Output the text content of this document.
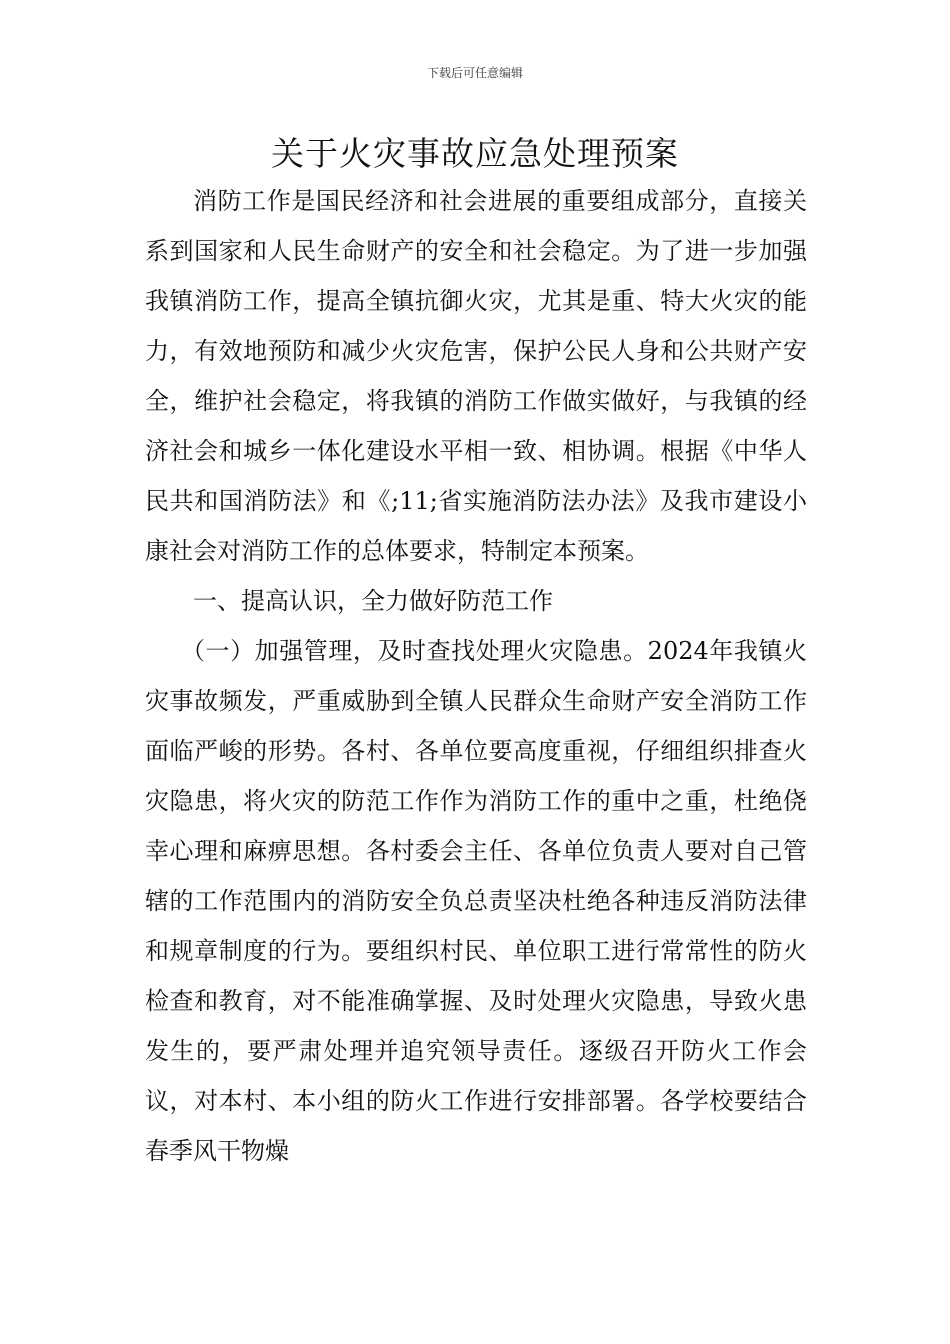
下载后可任意编辑
关于火灾事故应急处理预案

消防工作是国民经济和社会进展的重要组成部分，直接关系到国家和人民生命财产的安全和社会稳定。为了进一步加强我镇消防工作，提高全镇抗御火灾，尤其是重、特大火灾的能力，有效地预防和减少火灾危害，保护公民人身和公共财产安全，维护社会稳定，将我镇的消防工作做实做好，与我镇的经济社会和城乡一体化建设水平相一致、相协调。根据《中华人民共和国消防法》和《;11;省实施消防法办法》及我市建设小康社会对消防工作的总体要求，特制定本预案。

一、提高认识，全力做好防范工作

（一）加强管理，及时查找处理火灾隐患。2024年我镇火灾事故频发，严重威胁到全镇人民群众生命财产安全消防工作面临严峻的形势。各村、各单位要高度重视，仔细组织排查火灾隐患，将火灾的防范工作作为消防工作的重中之重，杜绝侥幸心理和麻痹思想。各村委会主任、各单位负责人要对自己管辖的工作范围内的消防安全负总责坚决杜绝各种违反消防法律和规章制度的行为。要组织村民、单位职工进行常常性的防火检查和教育，对不能准确掌握、及时处理火灾隐患，导致火患发生的，要严肃处理并追究领导责任。逐级召开防火工作会议，对本村、本小组的防火工作进行安排部署。各学校要结合春季风干物燥
